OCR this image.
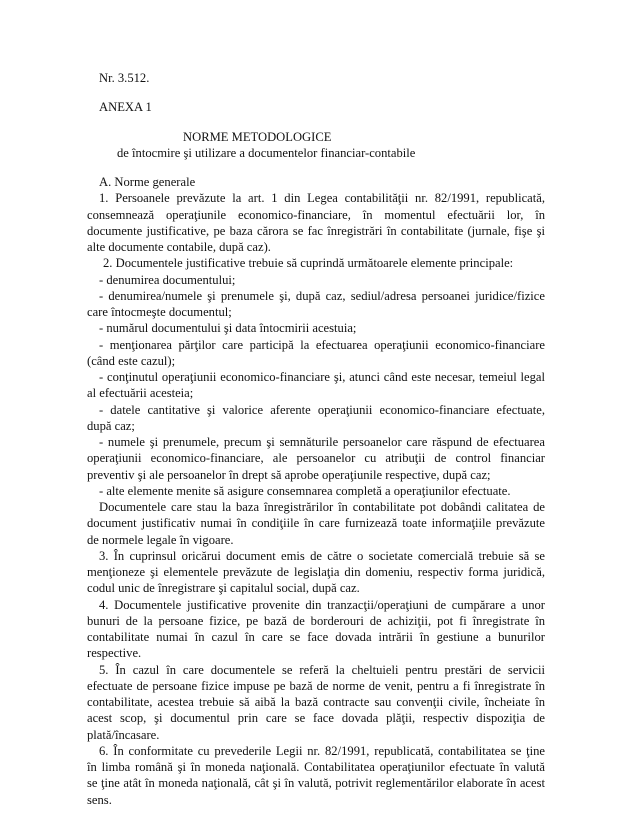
Nr. 3.512.
ANEXA 1
NORME METODOLOGICE
de întocmire şi utilizare a documentelor financiar-contabile
A. Norme generale
1. Persoanele prevăzute la art. 1 din Legea contabilităţii nr. 82/1991, republicată,
consemnează operaţiunile economico-financiare, în momentul efectuării lor, în
documente justificative, pe baza cărora se fac înregistrări în contabilitate (jurnale, fişe şi
alte documente contabile, după caz).
2. Documentele justificative trebuie să cuprindă următoarele elemente principale:
- denumirea documentului;
- denumirea/numele şi prenumele şi, după caz, sediul/adresa persoanei juridice/fizice
care întocmeşte documentul;
- numărul documentului şi data întocmirii acestuia;
- menţionarea părţilor care participă la efectuarea operaţiunii economico-financiare
(când este cazul);
- conţinutul operaţiunii economico-financiare şi, atunci când este necesar, temeiul legal
al efectuării acesteia;
- datele cantitative şi valorice aferente operaţiunii economico-financiare efectuate,
după caz;
- numele şi prenumele, precum şi semnăturile persoanelor care răspund de efectuarea
operaţiunii economico-financiare, ale persoanelor cu atribuţii de control financiar
preventiv şi ale persoanelor în drept să aprobe operaţiunile respective, după caz;
- alte elemente menite să asigure consemnarea completă a operaţiunilor efectuate.
Documentele care stau la baza înregistrărilor în contabilitate pot dobândi calitatea de
document justificativ numai în condiţiile în care furnizează toate informaţiile prevăzute
de normele legale în vigoare.
3. În cuprinsul oricărui document emis de către o societate comercială trebuie să se
menţioneze şi elementele prevăzute de legislaţia din domeniu, respectiv forma juridică,
codul unic de înregistrare şi capitalul social, după caz.
4. Documentele justificative provenite din tranzacţii/operaţiuni de cumpărare a unor
bunuri de la persoane fizice, pe bază de borderouri de achiziţii, pot fi înregistrate în
contabilitate numai în cazul în care se face dovada intrării în gestiune a bunurilor
respective.
5. În cazul în care documentele se referă la cheltuieli pentru prestări de servicii
efectuate de persoane fizice impuse pe bază de norme de venit, pentru a fi înregistrate în
contabilitate, acestea trebuie să aibă la bază contracte sau convenţii civile, încheiate în
acest scop, şi documentul prin care se face dovada plăţii, respectiv dispoziţia de
plată/încasare.
6. În conformitate cu prevederile Legii nr. 82/1991, republicată, contabilitatea se ţine
în limba română şi în moneda naţională. Contabilitatea operaţiunilor efectuate în valută
se ţine atât în moneda naţională, cât şi în valută, potrivit reglementărilor elaborate în acest
sens.
